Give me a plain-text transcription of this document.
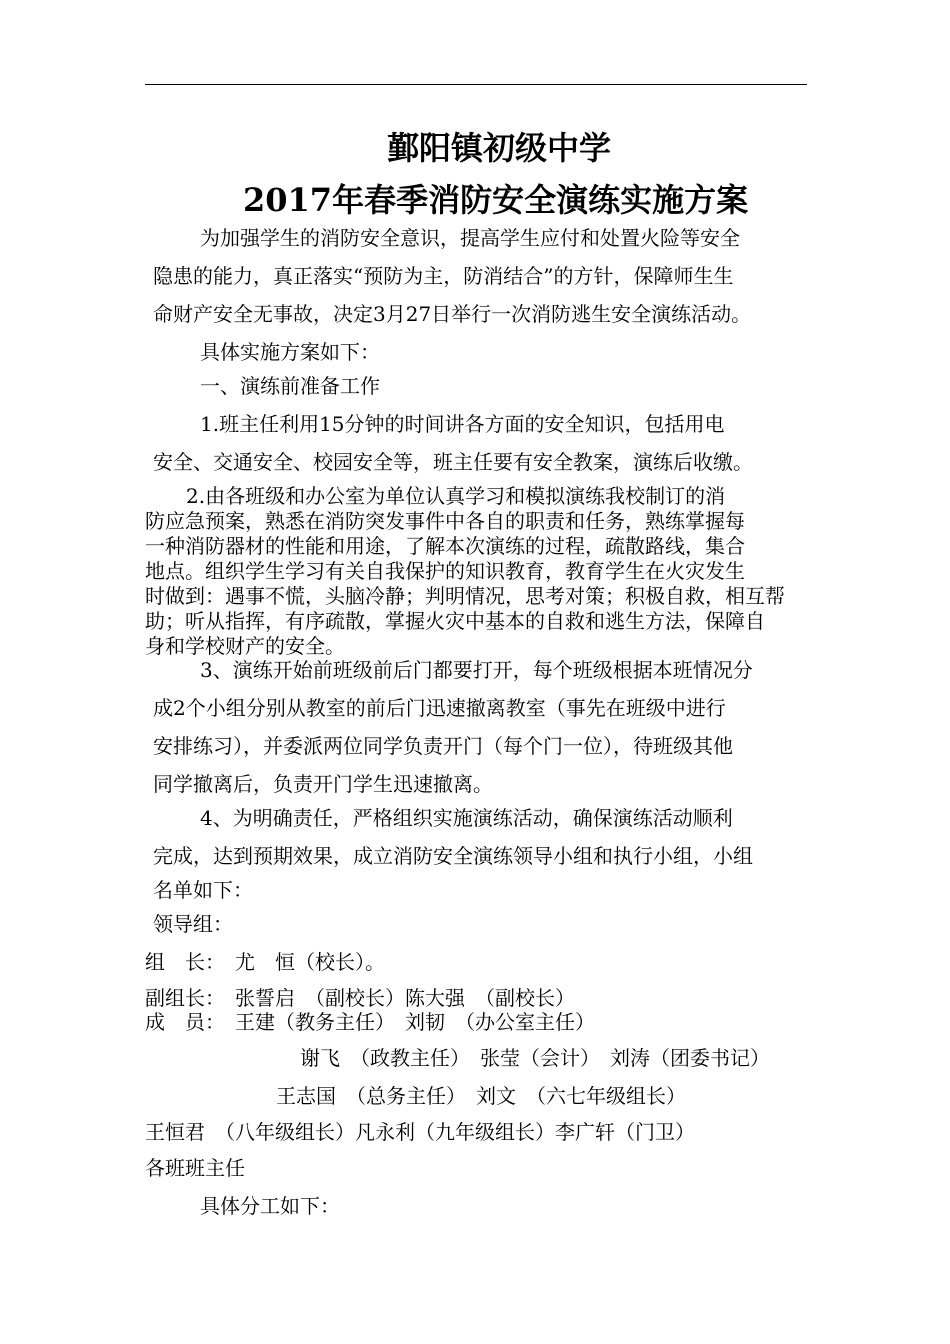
鄞阳镇初级中学
2017年春季消防安全演练实施方案
为加强学生的消防安全意识，提高学生应付和处置火险等安全
隐患的能力，真正落实“预防为主，防消结合”的方针，保障师生生
命财产安全无事故，决定3月27日举行一次消防逃生安全演练活动。
具体实施方案如下：
一、演练前准备工作
1.班主任利用15分钟的时间讲各方面的安全知识，包括用电
安全、交通安全、校园安全等，班主任要有安全教案，演练后收缴。
2.由各班级和办公室为单位认真学习和模拟演练我校制订的消
防应急预案，熟悉在消防突发事件中各自的职责和任务，熟练掌握每
一种消防器材的性能和用途，了解本次演练的过程，疏散路线，集合
地点。组织学生学习有关自我保护的知识教育，教育学生在火灾发生
时做到：遇事不慌，头脑冷静；判明情况，思考对策；积极自救，相互帮
助；听从指挥，有序疏散，掌握火灾中基本的自救和逃生方法，保障自
身和学校财产的安全。
3、演练开始前班级前后门都要打开，每个班级根据本班情况分
成2个小组分别从教室的前后门迅速撤离教室（事先在班级中进行
安排练习），并委派两位同学负责开门（每个门一位），待班级其他
同学撤离后，负责开门学生迅速撤离。
4、为明确责任，严格组织实施演练活动，确保演练活动顺利
完成，达到预期效果，成立消防安全演练领导小组和执行小组，小组
名单如下：
领导组：
组　长：　尤　恒（校长）。
副组长：　张誓启　（副校长）陈大强　（副校长）
成　员：　王建（教务主任）　刘韧　（办公室主任）
谢飞　（政教主任）　张莹（会计）　刘涛（团委书记）
王志国　（总务主任）　刘文　（六七年级组长）
王恒君　（八年级组长）凡永利（九年级组长）李广轩（门卫）
各班班主任
具体分工如下：
